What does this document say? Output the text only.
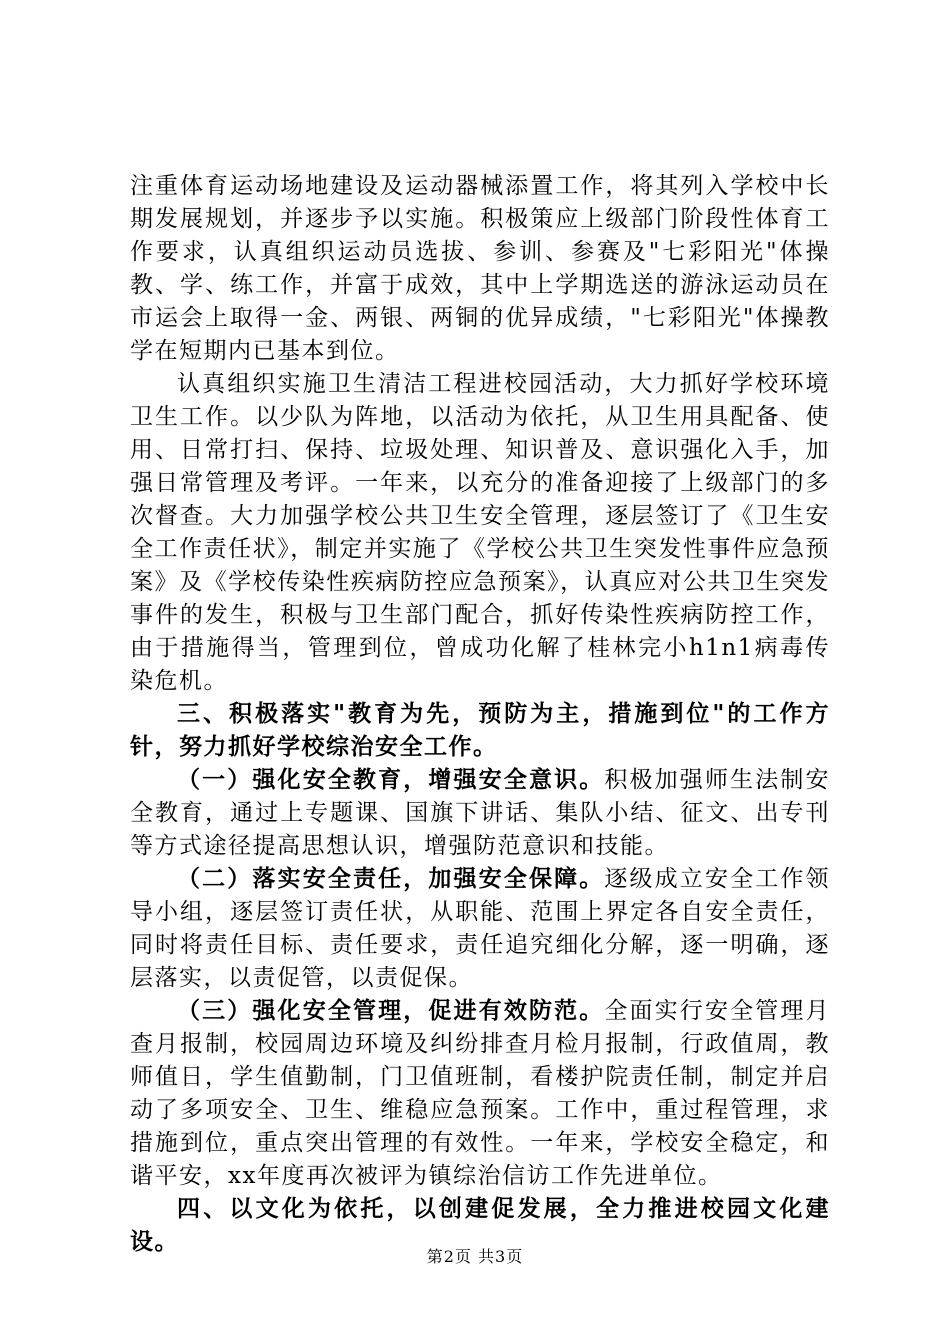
注重体育运动场地建设及运动器械添置工作，将其列入学校中长期发展规划，并逐步予以实施。积极策应上级部门阶段性体育工作要求，认真组织运动员选拔、参训、参赛及"七彩阳光"体操教、学、练工作，并富于成效，其中上学期选送的游泳运动员在市运会上取得一金、两银、两铜的优异成绩，"七彩阳光"体操教学在短期内已基本到位。

认真组织实施卫生清洁工程进校园活动，大力抓好学校环境卫生工作。以少队为阵地，以活动为依托，从卫生用具配备、使用、日常打扫、保持、垃圾处理、知识普及、意识强化入手，加强日常管理及考评。一年来，以充分的准备迎接了上级部门的多次督查。大力加强学校公共卫生安全管理，逐层签订了《卫生安全工作责任状》，制定并实施了《学校公共卫生突发性事件应急预案》及《学校传染性疾病防控应急预案》，认真应对公共卫生突发事件的发生，积极与卫生部门配合，抓好传染性疾病防控工作，由于措施得当，管理到位，曾成功化解了桂林完小h1n1病毒传染危机。

三、积极落实"教育为先，预防为主，措施到位"的工作方针，努力抓好学校综治安全工作。

（一）强化安全教育，增强安全意识。积极加强师生法制安全教育，通过上专题课、国旗下讲话、集队小结、征文、出专刊等方式途径提高思想认识，增强防范意识和技能。

（二）落实安全责任，加强安全保障。逐级成立安全工作领导小组，逐层签订责任状，从职能、范围上界定各自安全责任，同时将责任目标、责任要求，责任追究细化分解，逐一明确，逐层落实，以责促管，以责促保。

（三）强化安全管理，促进有效防范。全面实行安全管理月查月报制，校园周边环境及纠纷排查月检月报制，行政值周，教师值日，学生值勤制，门卫值班制，看楼护院责任制，制定并启动了多项安全、卫生、维稳应急预案。工作中，重过程管理，求措施到位，重点突出管理的有效性。一年来，学校安全稳定，和谐平安，xx年度再次被评为镇综治信访工作先进单位。

四、以文化为依托，以创建促发展，全力推进校园文化建设。

第2页 共3页
